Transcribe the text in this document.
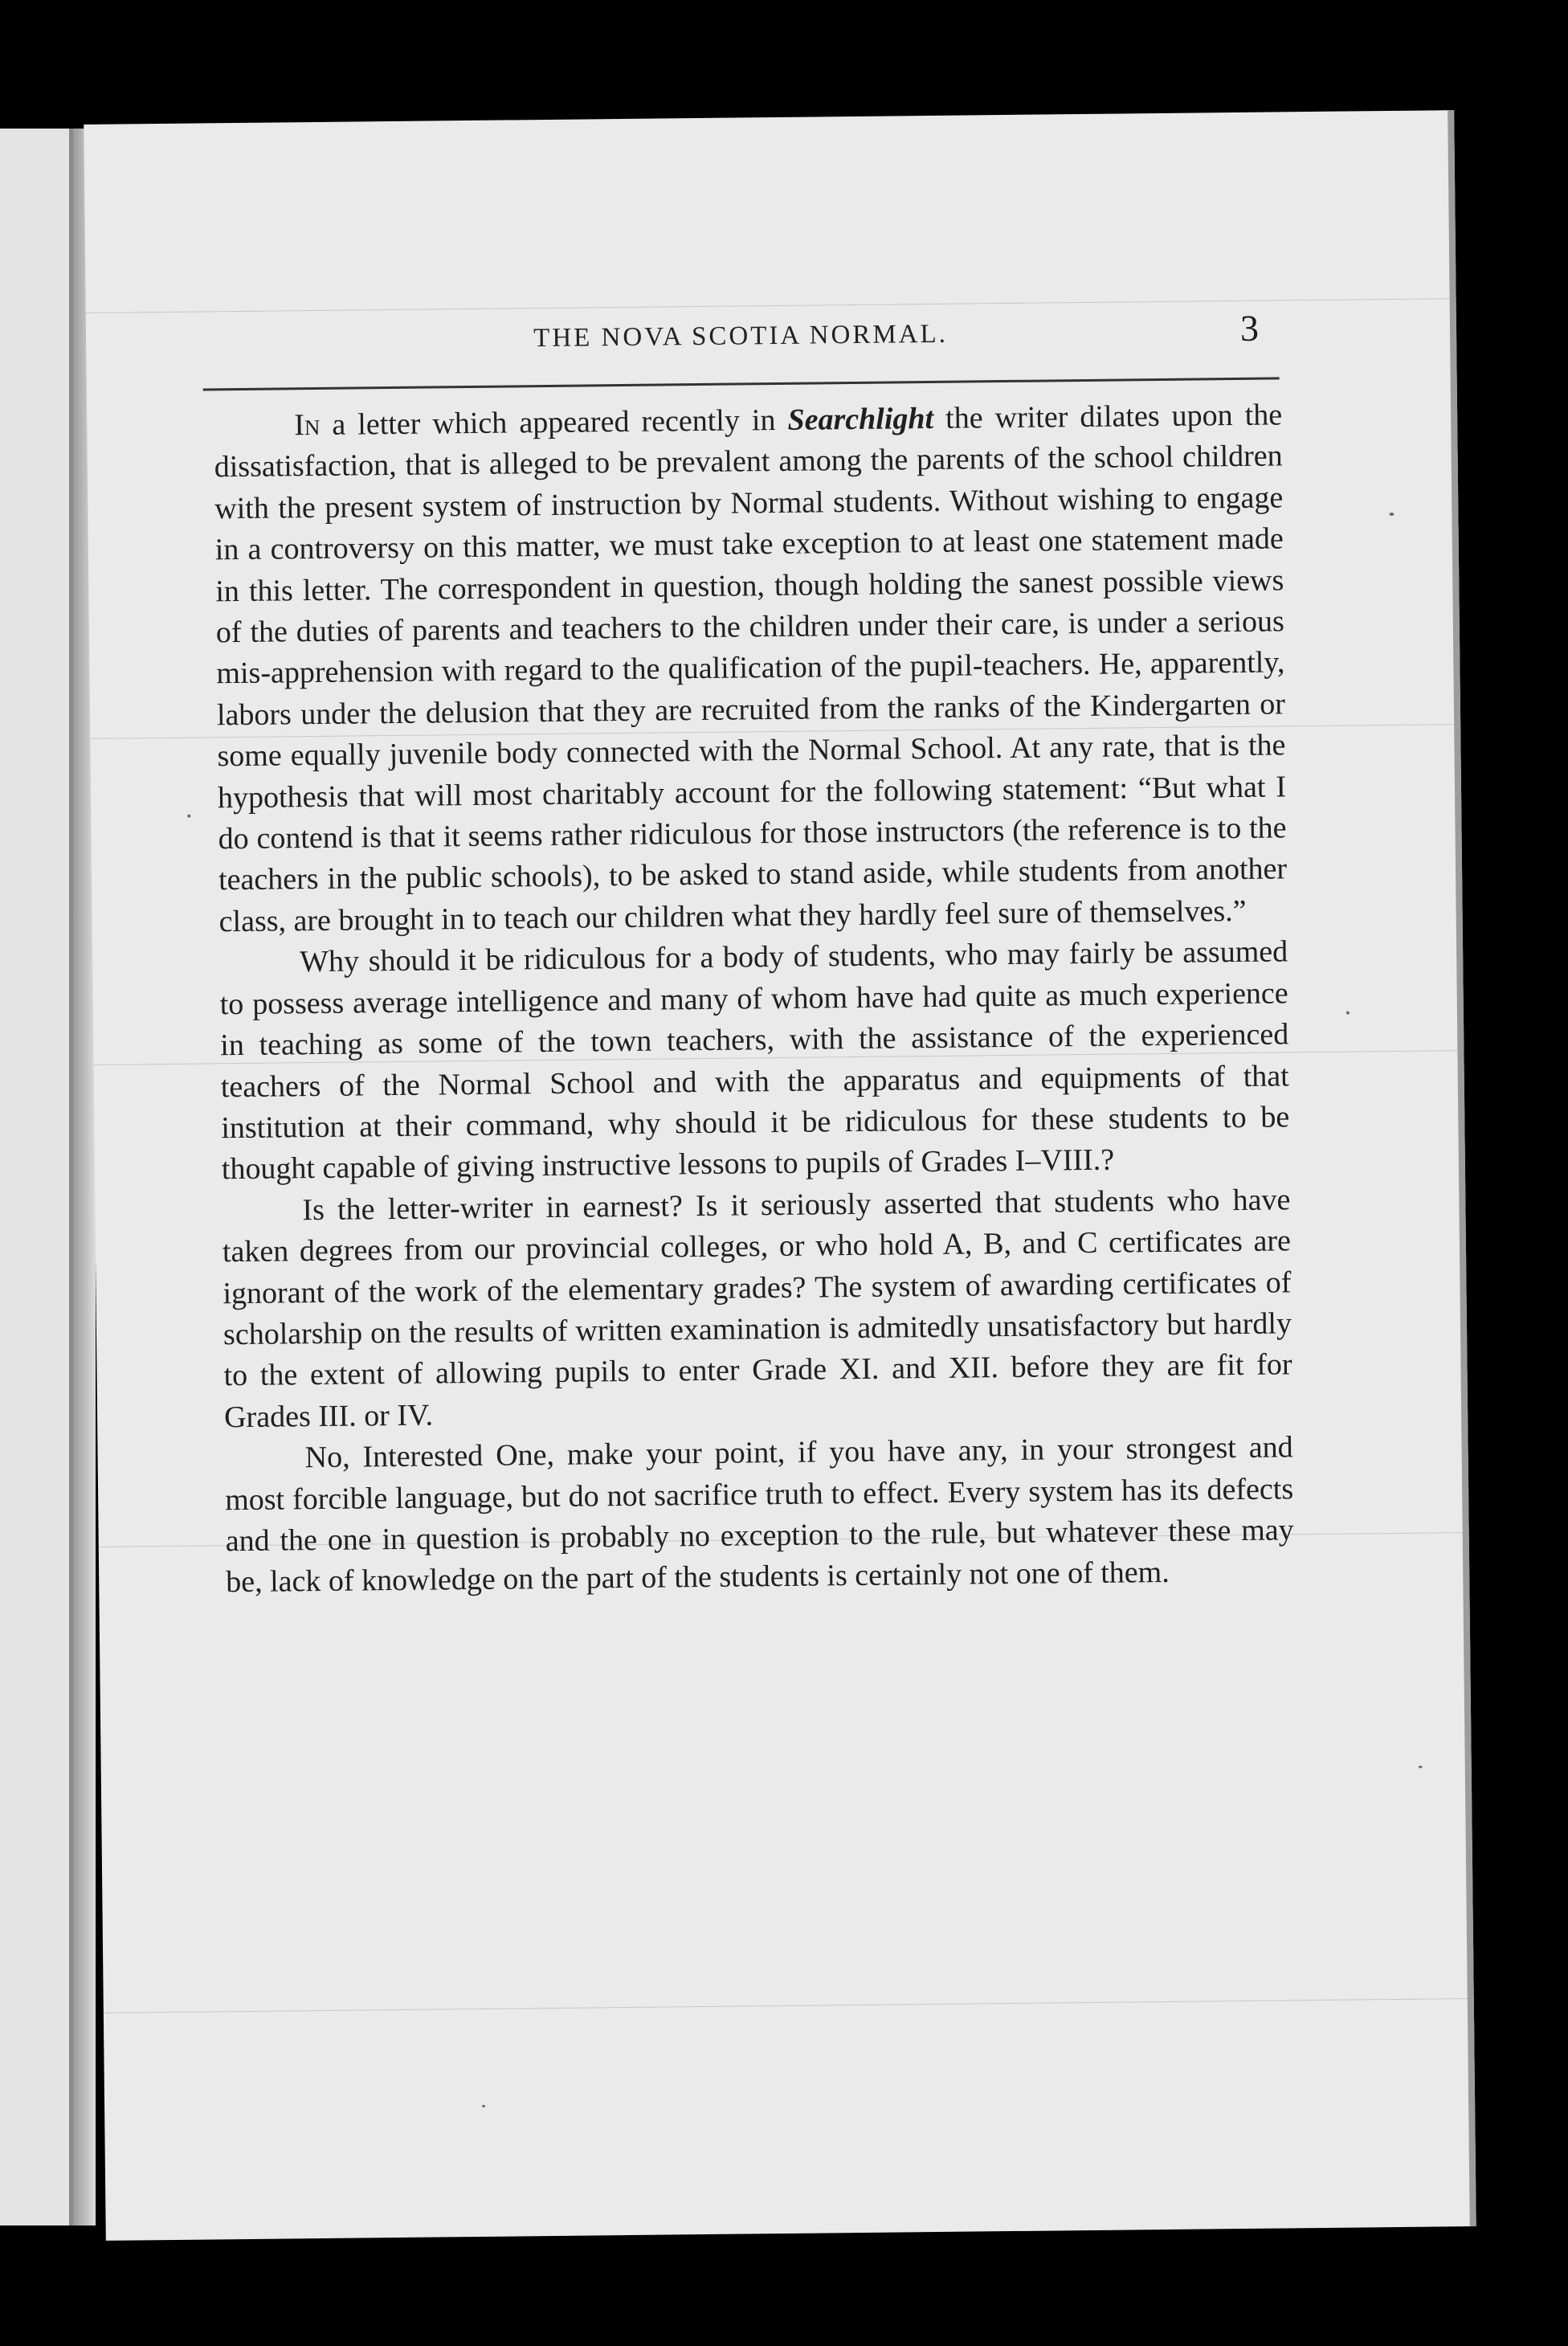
THE NOVA SCOTIA NORMAL.	3

In a letter which appeared recently in Searchlight the writer dilates upon the dissatisfaction, that is alleged to be prevalent among the parents of the school children with the present system of instruction by Normal students. Without wishing to engage in a controversy on this matter, we must take exception to at least one statement made in this letter. The correspondent in question, though holding the sanest possible views of the duties of parents and teachers to the children under their care, is under a serious mis-apprehension with regard to the qualification of the pupil-teachers. He, apparently, labors under the delusion that they are recruited from the ranks of the Kindergarten or some equally juvenile body connected with the Normal School. At any rate, that is the hypothesis that will most charitably account for the following statement: “But what I do contend is that it seems rather ridiculous for those instructors (the reference is to the teachers in the public schools), to be asked to stand aside, while students from another class, are brought in to teach our children what they hardly feel sure of themselves.”

Why should it be ridiculous for a body of students, who may fairly be assumed to possess average intelligence and many of whom have had quite as much experience in teaching as some of the town teachers, with the assistance of the experienced teachers of the Normal School and with the apparatus and equipments of that institution at their command, why should it be ridiculous for these students to be thought capable of giving instructive lessons to pupils of Grades I–VIII.?

Is the letter-writer in earnest? Is it seriously asserted that students who have taken degrees from our provincial colleges, or who hold A, B, and C certificates are ignorant of the work of the elementary grades? The system of awarding certificates of scholarship on the results of written examination is admitedly unsatisfactory but hardly to the extent of allowing pupils to enter Grade XI. and XII. before they are fit for Grades III. or IV.

No, Interested One, make your point, if you have any, in your strongest and most forcible language, but do not sacrifice truth to effect. Every system has its defects and the one in question is probably no exception to the rule, but whatever these may be, lack of knowledge on the part of the students is certainly not one of them.
